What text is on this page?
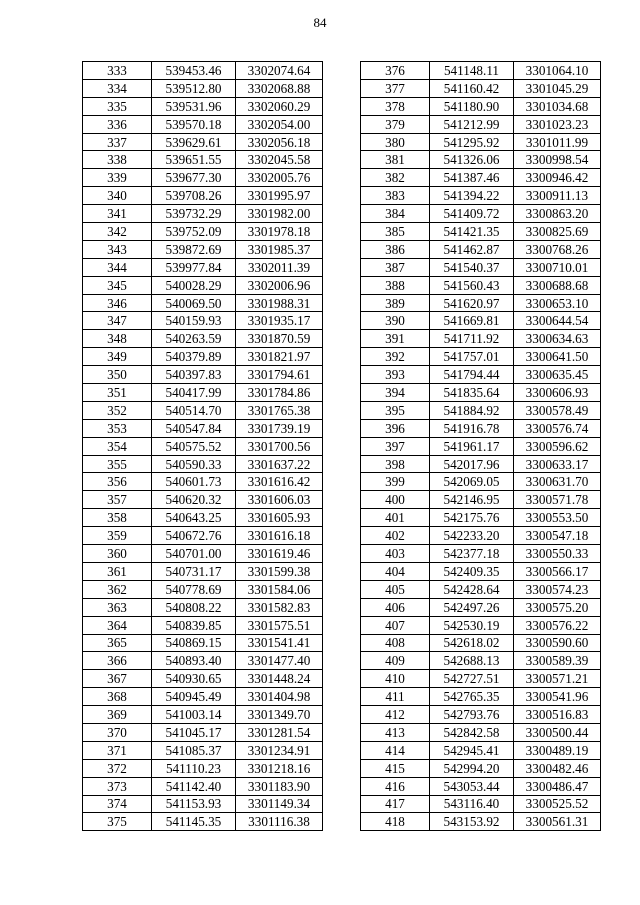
84
333	539453.46	3302074.64
334	539512.80	3302068.88
335	539531.96	3302060.29
336	539570.18	3302054.00
337	539629.61	3302056.18
338	539651.55	3302045.58
339	539677.30	3302005.76
340	539708.26	3301995.97
341	539732.29	3301982.00
342	539752.09	3301978.18
343	539872.69	3301985.37
344	539977.84	3302011.39
345	540028.29	3302006.96
346	540069.50	3301988.31
347	540159.93	3301935.17
348	540263.59	3301870.59
349	540379.89	3301821.97
350	540397.83	3301794.61
351	540417.99	3301784.86
352	540514.70	3301765.38
353	540547.84	3301739.19
354	540575.52	3301700.56
355	540590.33	3301637.22
356	540601.73	3301616.42
357	540620.32	3301606.03
358	540643.25	3301605.93
359	540672.76	3301616.18
360	540701.00	3301619.46
361	540731.17	3301599.38
362	540778.69	3301584.06
363	540808.22	3301582.83
364	540839.85	3301575.51
365	540869.15	3301541.41
366	540893.40	3301477.40
367	540930.65	3301448.24
368	540945.49	3301404.98
369	541003.14	3301349.70
370	541045.17	3301281.54
371	541085.37	3301234.91
372	541110.23	3301218.16
373	541142.40	3301183.90
374	541153.93	3301149.34
375	541145.35	3301116.38
376	541148.11	3301064.10
377	541160.42	3301045.29
378	541180.90	3301034.68
379	541212.99	3301023.23
380	541295.92	3301011.99
381	541326.06	3300998.54
382	541387.46	3300946.42
383	541394.22	3300911.13
384	541409.72	3300863.20
385	541421.35	3300825.69
386	541462.87	3300768.26
387	541540.37	3300710.01
388	541560.43	3300688.68
389	541620.97	3300653.10
390	541669.81	3300644.54
391	541711.92	3300634.63
392	541757.01	3300641.50
393	541794.44	3300635.45
394	541835.64	3300606.93
395	541884.92	3300578.49
396	541916.78	3300576.74
397	541961.17	3300596.62
398	542017.96	3300633.17
399	542069.05	3300631.70
400	542146.95	3300571.78
401	542175.76	3300553.50
402	542233.20	3300547.18
403	542377.18	3300550.33
404	542409.35	3300566.17
405	542428.64	3300574.23
406	542497.26	3300575.20
407	542530.19	3300576.22
408	542618.02	3300590.60
409	542688.13	3300589.39
410	542727.51	3300571.21
411	542765.35	3300541.96
412	542793.76	3300516.83
413	542842.58	3300500.44
414	542945.41	3300489.19
415	542994.20	3300482.46
416	543053.44	3300486.47
417	543116.40	3300525.52
418	543153.92	3300561.31
